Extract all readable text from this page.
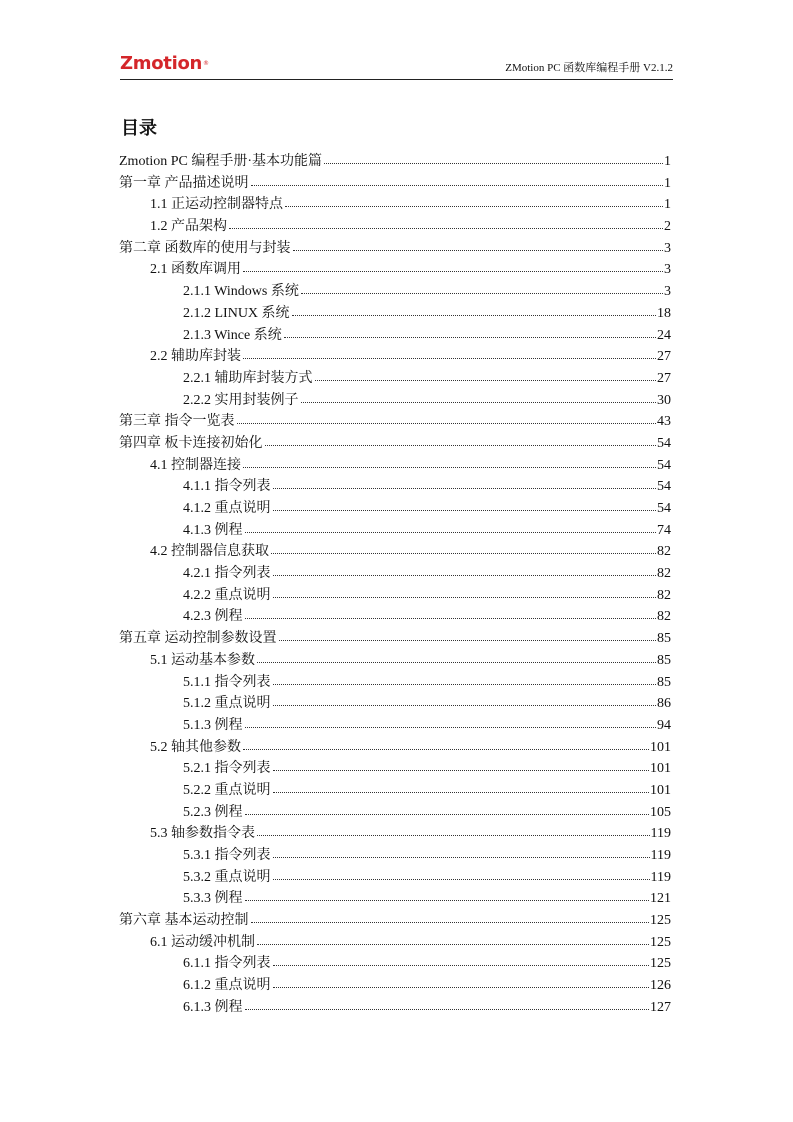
Zmotion®	ZMotion PC 函数库编程手册 V2.1.2
目录
Zmotion PC 编程手册·基本功能篇	1
第一章 产品描述说明	1
1.1 正运动控制器特点	1
1.2 产品架构	2
第二章 函数库的使用与封装	3
2.1 函数库调用	3
2.1.1 Windows 系统	3
2.1.2 LINUX 系统	18
2.1.3 Wince 系统	24
2.2 辅助库封装	27
2.2.1 辅助库封装方式	27
2.2.2 实用封装例子	30
第三章 指令一览表	43
第四章 板卡连接初始化	54
4.1 控制器连接	54
4.1.1 指令列表	54
4.1.2 重点说明	54
4.1.3 例程	74
4.2 控制器信息获取	82
4.2.1 指令列表	82
4.2.2 重点说明	82
4.2.3 例程	82
第五章 运动控制参数设置	85
5.1 运动基本参数	85
5.1.1 指令列表	85
5.1.2 重点说明	86
5.1.3 例程	94
5.2 轴其他参数	101
5.2.1 指令列表	101
5.2.2 重点说明	101
5.2.3 例程	105
5.3 轴参数指令表	119
5.3.1 指令列表	119
5.3.2 重点说明	119
5.3.3 例程	121
第六章 基本运动控制	125
6.1 运动缓冲机制	125
6.1.1 指令列表	125
6.1.2 重点说明	126
6.1.3 例程	127
